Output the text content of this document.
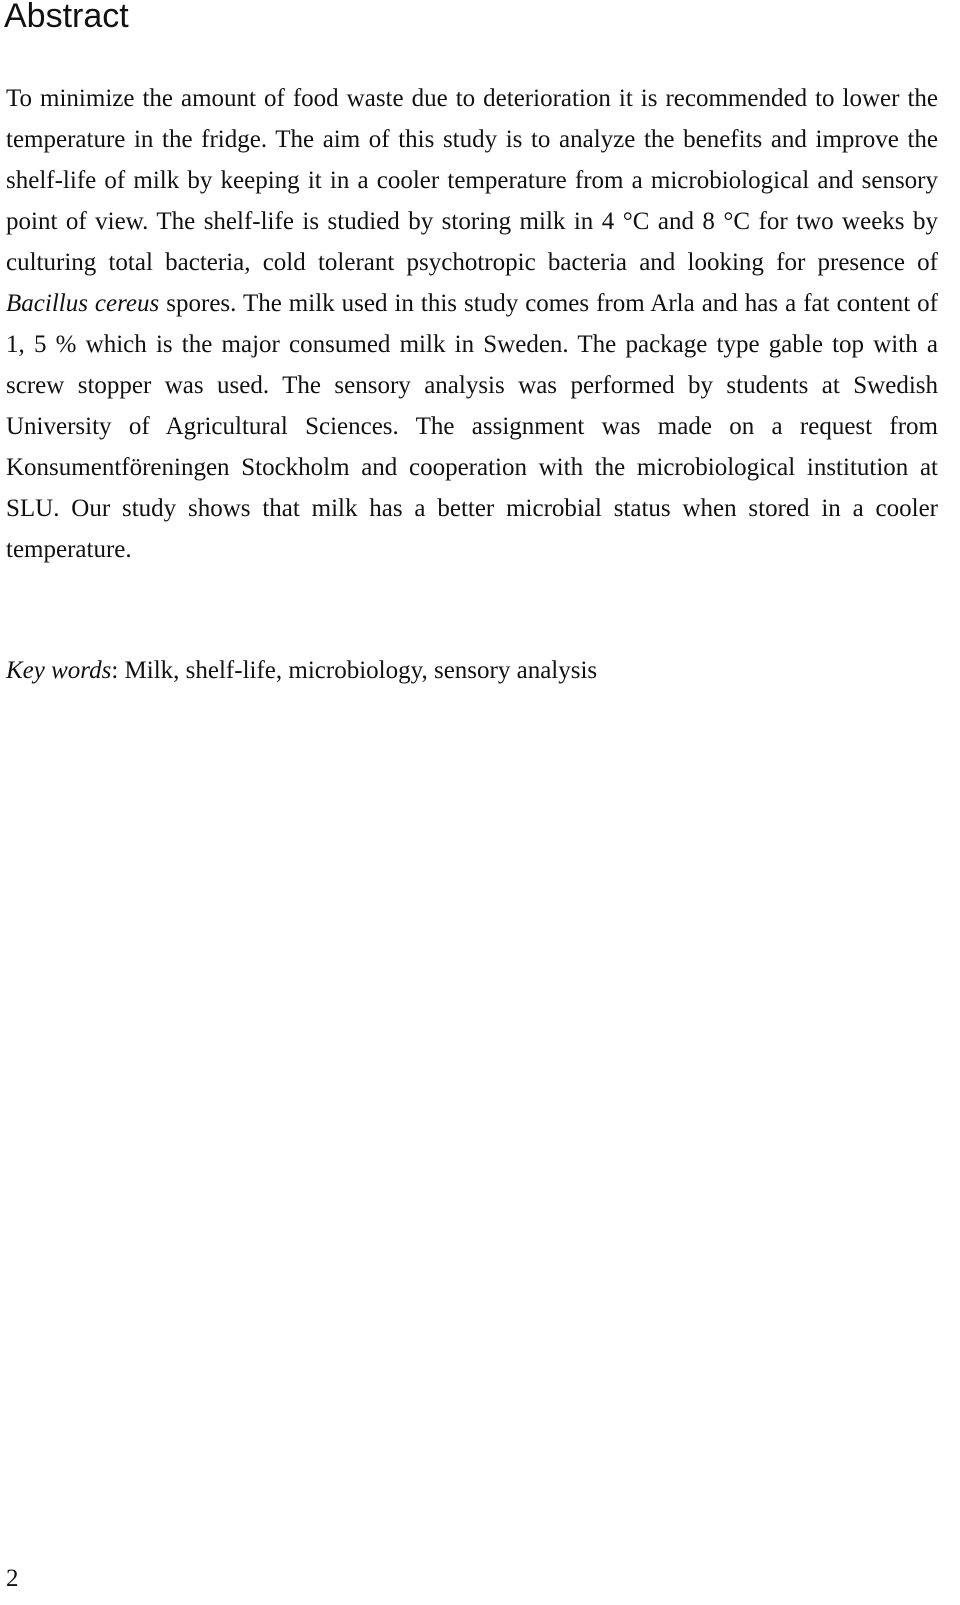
Abstract

To minimize the amount of food waste due to deterioration it is recommended to lower the temperature in the fridge. The aim of this study is to analyze the benefits and improve the shelf-life of milk by keeping it in a cooler temperature from a microbiological and sensory point of view. The shelf-life is studied by storing milk in 4 °C and 8 °C for two weeks by culturing total bacteria, cold tolerant psychotropic bacteria and looking for presence of Bacillus cereus spores. The milk used in this study comes from Arla and has a fat content of 1, 5 % which is the major consumed milk in Sweden. The package type gable top with a screw stopper was used. The sensory analysis was performed by students at Swedish University of Agricultural Sciences. The assignment was made on a request from Konsumentföreningen Stockholm and cooperation with the microbiological institution at SLU. Our study shows that milk has a better microbial status when stored in a cooler temperature.

Key words: Milk, shelf-life, microbiology, sensory analysis

2
